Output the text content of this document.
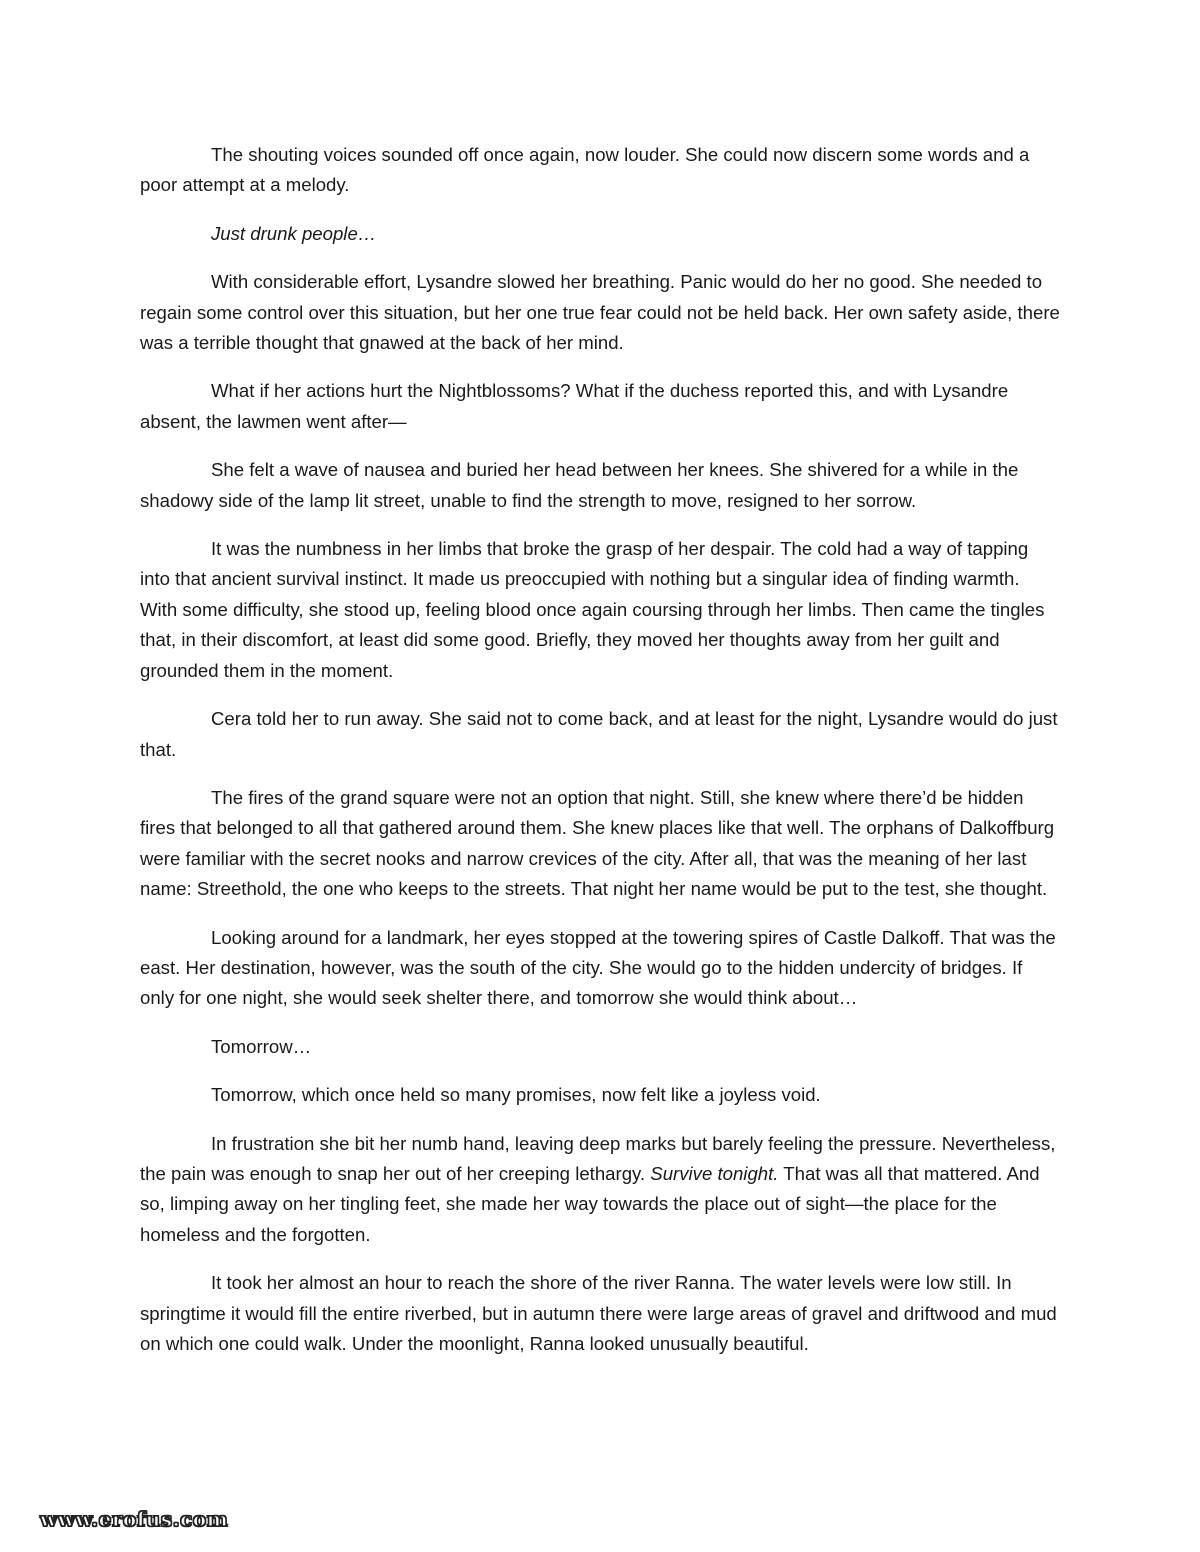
The shouting voices sounded off once again, now louder. She could now discern some words and a poor attempt at a melody.

Just drunk people…

With considerable effort, Lysandre slowed her breathing. Panic would do her no good. She needed to regain some control over this situation, but her one true fear could not be held back. Her own safety aside, there was a terrible thought that gnawed at the back of her mind.

What if her actions hurt the Nightblossoms? What if the duchess reported this, and with Lysandre absent, the lawmen went after—

She felt a wave of nausea and buried her head between her knees. She shivered for a while in the shadowy side of the lamp lit street, unable to find the strength to move, resigned to her sorrow.

It was the numbness in her limbs that broke the grasp of her despair. The cold had a way of tapping into that ancient survival instinct. It made us preoccupied with nothing but a singular idea of finding warmth. With some difficulty, she stood up, feeling blood once again coursing through her limbs. Then came the tingles that, in their discomfort, at least did some good. Briefly, they moved her thoughts away from her guilt and grounded them in the moment.

Cera told her to run away. She said not to come back, and at least for the night, Lysandre would do just that.

The fires of the grand square were not an option that night. Still, she knew where there’d be hidden fires that belonged to all that gathered around them. She knew places like that well. The orphans of Dalkoffburg were familiar with the secret nooks and narrow crevices of the city. After all, that was the meaning of her last name: Streethold, the one who keeps to the streets. That night her name would be put to the test, she thought.

Looking around for a landmark, her eyes stopped at the towering spires of Castle Dalkoff. That was the east. Her destination, however, was the south of the city. She would go to the hidden undercity of bridges. If only for one night, she would seek shelter there, and tomorrow she would think about…

Tomorrow…

Tomorrow, which once held so many promises, now felt like a joyless void.

In frustration she bit her numb hand, leaving deep marks but barely feeling the pressure. Nevertheless, the pain was enough to snap her out of her creeping lethargy. Survive tonight. That was all that mattered. And so, limping away on her tingling feet, she made her way towards the place out of sight—the place for the homeless and the forgotten.

It took her almost an hour to reach the shore of the river Ranna. The water levels were low still. In springtime it would fill the entire riverbed, but in autumn there were large areas of gravel and driftwood and mud on which one could walk. Under the moonlight, Ranna looked unusually beautiful.

www.erofus.com
